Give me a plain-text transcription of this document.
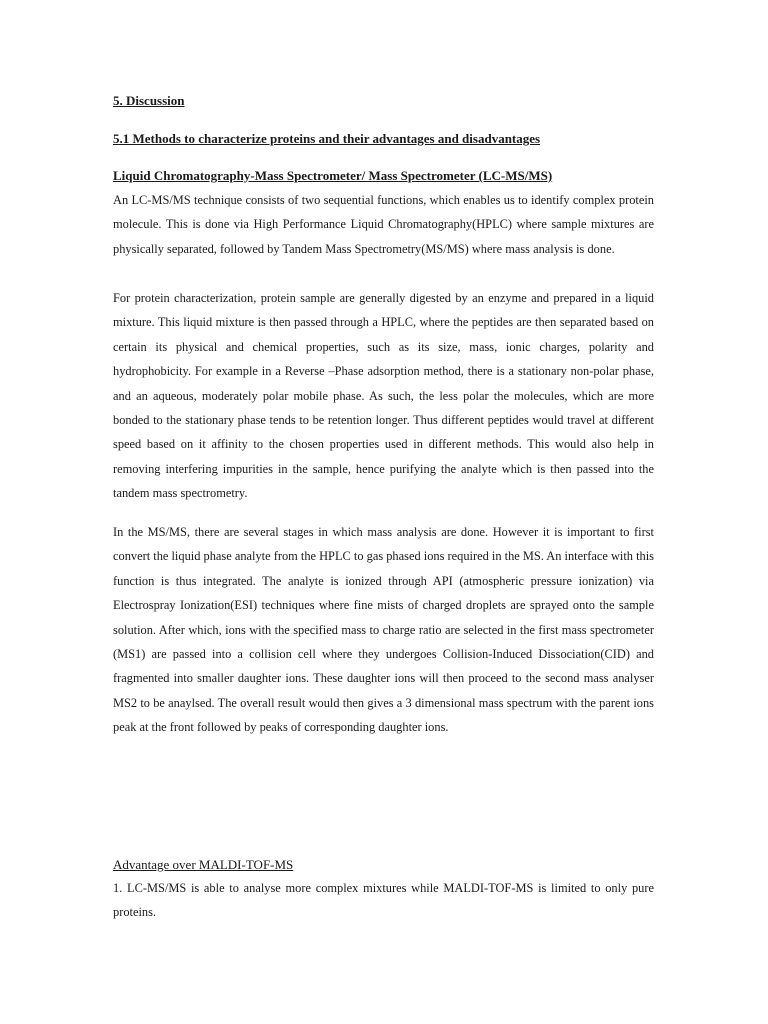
5. Discussion
5.1 Methods to characterize proteins and their advantages and disadvantages
Liquid Chromatography-Mass Spectrometer/ Mass Spectrometer (LC-MS/MS)

An LC-MS/MS technique consists of two sequential functions, which enables us to identify complex protein molecule. This is done via High Performance Liquid Chromatography(HPLC) where sample mixtures are physically separated, followed by Tandem Mass Spectrometry(MS/MS) where mass analysis is done.

For protein characterization, protein sample are generally digested by an enzyme and prepared in a liquid mixture. This liquid mixture is then passed through a HPLC, where the peptides are then separated based on certain its physical and chemical properties, such as its size, mass, ionic charges, polarity and hydrophobicity. For example in a Reverse –Phase adsorption method, there is a stationary non-polar phase, and an aqueous, moderately polar mobile phase. As such, the less polar the molecules, which are more bonded to the stationary phase tends to be retention longer. Thus different peptides would travel at different speed based on it affinity to the chosen properties used in different methods. This would also help in removing interfering impurities in the sample, hence purifying the analyte which is then passed into the tandem mass spectrometry.

In the MS/MS, there are several stages in which mass analysis are done. However it is important to first convert the liquid phase analyte from the HPLC to gas phased ions required in the MS. An interface with this function is thus integrated. The analyte is ionized through API (atmospheric pressure ionization) via Electrospray Ionization(ESI) techniques where fine mists of charged droplets are sprayed onto the sample solution. After which, ions with the specified mass to charge ratio are selected in the first mass spectrometer (MS1) are passed into a collision cell where they undergoes Collision-Induced Dissociation(CID) and fragmented into smaller daughter ions. These daughter ions will then proceed to the second mass analyser MS2 to be anaylsed. The overall result would then gives a 3 dimensional mass spectrum with the parent ions peak at the front followed by peaks of corresponding daughter ions.

Advantage over MALDI-TOF-MS

1. LC-MS/MS is able to analyse more complex mixtures while MALDI-TOF-MS is limited to only pure proteins.
